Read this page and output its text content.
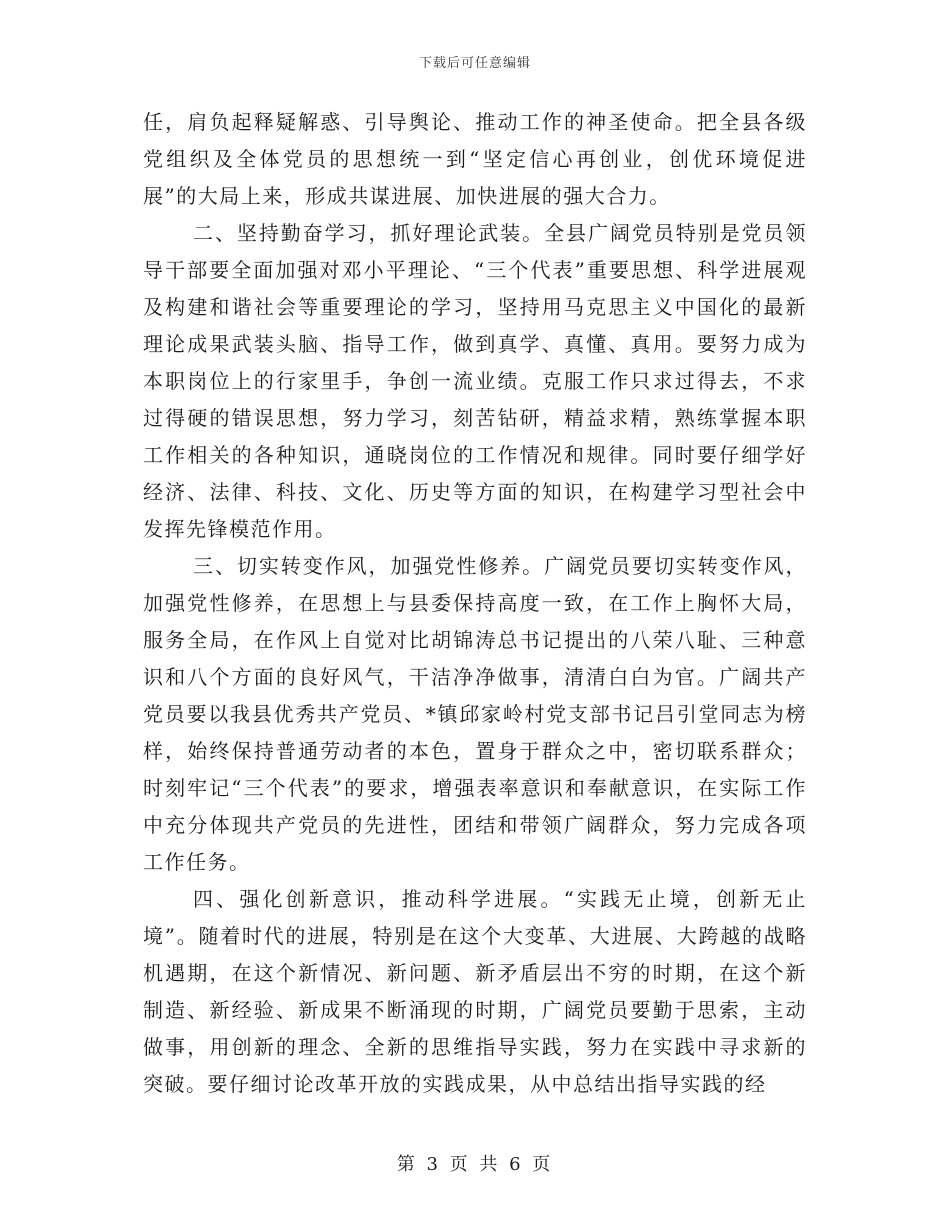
下载后可任意编辑

任，肩负起释疑解惑、引导舆论、推动工作的神圣使命。把全县各级党组织及全体党员的思想统一到“坚定信心再创业，创优环境促进展”的大局上来，形成共谋进展、加快进展的强大合力。

二、坚持勤奋学习，抓好理论武装。全县广阔党员特别是党员领导干部要全面加强对邓小平理论、“三个代表”重要思想、科学进展观及构建和谐社会等重要理论的学习，坚持用马克思主义中国化的最新理论成果武装头脑、指导工作，做到真学、真懂、真用。要努力成为本职岗位上的行家里手，争创一流业绩。克服工作只求过得去，不求过得硬的错误思想，努力学习，刻苦钻研，精益求精，熟练掌握本职工作相关的各种知识，通晓岗位的工作情况和规律。同时要仔细学好经济、法律、科技、文化、历史等方面的知识，在构建学习型社会中发挥先锋模范作用。

三、切实转变作风，加强党性修养。广阔党员要切实转变作风，加强党性修养，在思想上与县委保持高度一致，在工作上胸怀大局，服务全局，在作风上自觉对比胡锦涛总书记提出的八荣八耻、三种意识和八个方面的良好风气，干洁净净做事，清清白白为官。广阔共产党员要以我县优秀共产党员、*镇邱家岭村党支部书记吕引堂同志为榜样，始终保持普通劳动者的本色，置身于群众之中，密切联系群众；时刻牢记“三个代表”的要求，增强表率意识和奉献意识，在实际工作中充分体现共产党员的先进性，团结和带领广阔群众，努力完成各项工作任务。

四、强化创新意识，推动科学进展。“实践无止境，创新无止境”。随着时代的进展，特别是在这个大变革、大进展、大跨越的战略机遇期，在这个新情况、新问题、新矛盾层出不穷的时期，在这个新制造、新经验、新成果不断涌现的时期，广阔党员要勤于思索，主动做事，用创新的理念、全新的思维指导实践，努力在实践中寻求新的突破。要仔细讨论改革开放的实践成果，从中总结出指导实践的经

第 3 页 共 6 页
